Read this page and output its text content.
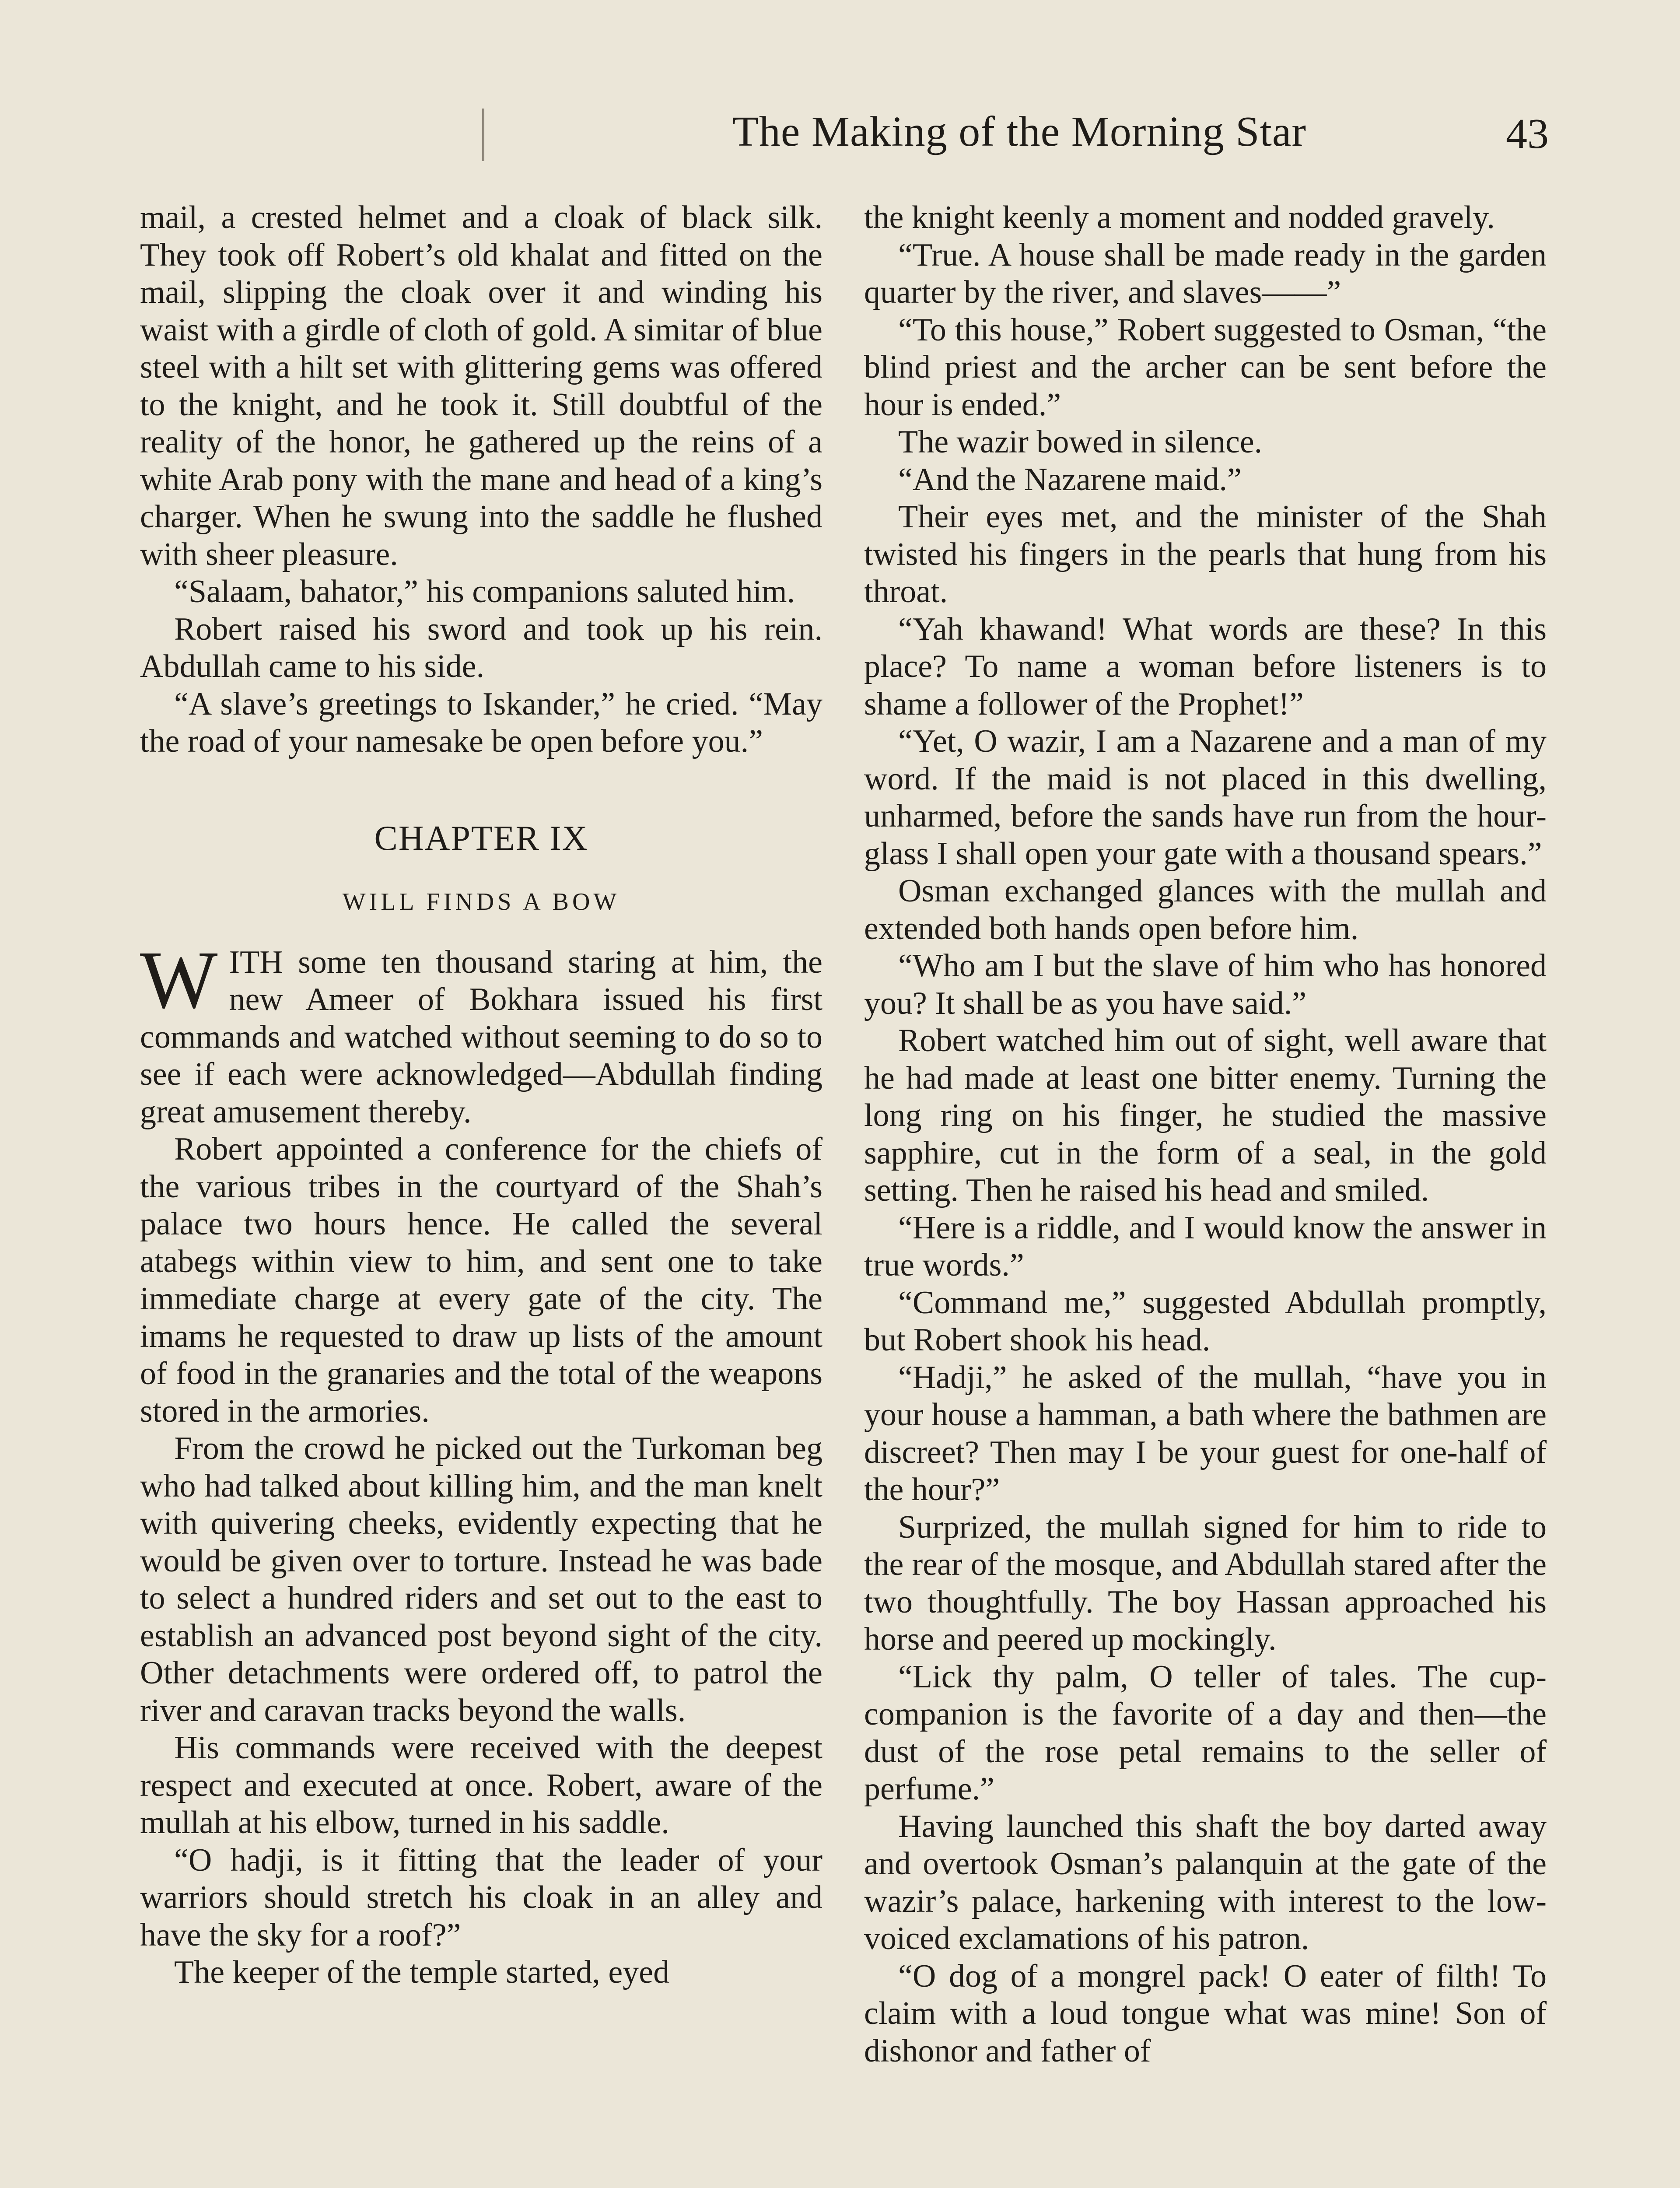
The Making of the Morning Star	43

mail, a crested helmet and a cloak of black silk. They took off Robert’s old khalat and fitted on the mail, slipping the cloak over it and winding his waist with a girdle of cloth of gold. A simitar of blue steel with a hilt set with glittering gems was offered to the knight, and he took it. Still doubtful of the reality of the honor, he gathered up the reins of a white Arab pony with the mane and head of a king’s charger. When he swung into the saddle he flushed with sheer pleasure.

“Salaam, bahator,” his companions saluted him.

Robert raised his sword and took up his rein. Abdullah came to his side.

“A slave’s greetings to Iskander,” he cried. “May the road of your namesake be open before you.”

CHAPTER IX
WILL FINDS A BOW

WITH some ten thousand staring at him, the new Ameer of Bokhara issued his first commands and watched without seeming to do so to see if each were acknowledged—Abdullah finding great amusement thereby.

Robert appointed a conference for the chiefs of the various tribes in the courtyard of the Shah’s palace two hours hence. He called the several atabegs within view to him, and sent one to take immediate charge at every gate of the city. The imams he requested to draw up lists of the amount of food in the granaries and the total of the weapons stored in the armories.

From the crowd he picked out the Turkoman beg who had talked about killing him, and the man knelt with quivering cheeks, evidently expecting that he would be given over to torture. Instead he was bade to select a hundred riders and set out to the east to establish an advanced post beyond sight of the city. Other detachments were ordered off, to patrol the river and caravan tracks beyond the walls.

His commands were received with the deepest respect and executed at once. Robert, aware of the mullah at his elbow, turned in his saddle.

“O hadji, is it fitting that the leader of your warriors should stretch his cloak in an alley and have the sky for a roof?”

The keeper of the temple started, eyed

the knight keenly a moment and nodded gravely.

“True. A house shall be made ready in the garden quarter by the river, and slaves——”

“To this house,” Robert suggested to Osman, “the blind priest and the archer can be sent before the hour is ended.”

The wazir bowed in silence.

“And the Nazarene maid.”

Their eyes met, and the minister of the Shah twisted his fingers in the pearls that hung from his throat.

“Yah khawand! What words are these? In this place? To name a woman before listeners is to shame a follower of the Prophet!”

“Yet, O wazir, I am a Nazarene and a man of my word. If the maid is not placed in this dwelling, unharmed, before the sands have run from the hour-glass I shall open your gate with a thousand spears.”

Osman exchanged glances with the mullah and extended both hands open before him.

“Who am I but the slave of him who has honored you? It shall be as you have said.”

Robert watched him out of sight, well aware that he had made at least one bitter enemy. Turning the long ring on his finger, he studied the massive sapphire, cut in the form of a seal, in the gold setting. Then he raised his head and smiled.

“Here is a riddle, and I would know the answer in true words.”

“Command me,” suggested Abdullah promptly, but Robert shook his head.

“Hadji,” he asked of the mullah, “have you in your house a hamman, a bath where the bathmen are discreet? Then may I be your guest for one-half of the hour?”

Surprized, the mullah signed for him to ride to the rear of the mosque, and Abdullah stared after the two thoughtfully. The boy Hassan approached his horse and peered up mockingly.

“Lick thy palm, O teller of tales. The cup-companion is the favorite of a day and then—the dust of the rose petal remains to the seller of perfume.”

Having launched this shaft the boy darted away and overtook Osman’s palanquin at the gate of the wazir’s palace, harkening with interest to the low-voiced exclamations of his patron.

“O dog of a mongrel pack! O eater of filth! To claim with a loud tongue what was mine! Son of dishonor and father of
